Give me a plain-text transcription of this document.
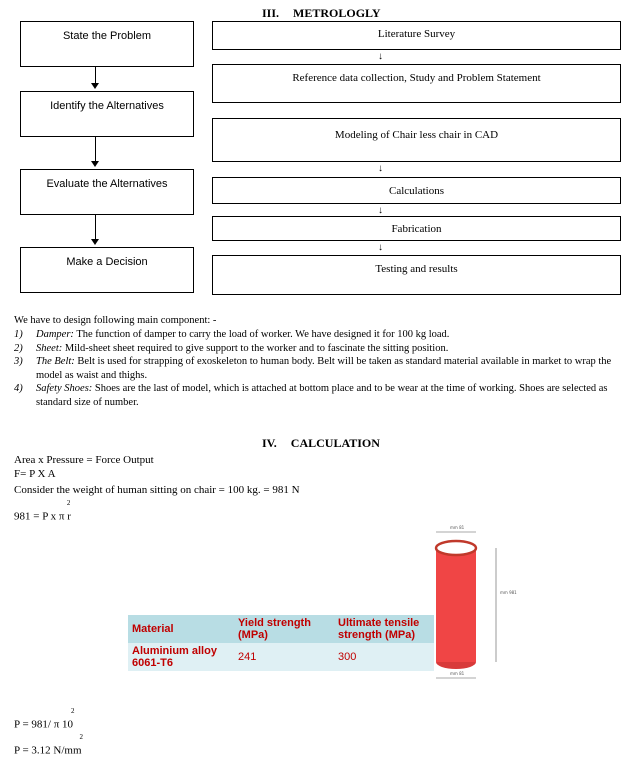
III. METROLOGLY
State the Problem
Identify the Alternatives
Evaluate the Alternatives
Make a Decision
Literature Survey
↓
Reference data collection, Study and Problem Statement
Modeling of Chair less chair in CAD
↓
Calculations
↓
Fabrication
↓
Testing and results
We have to design following main component: -
1)	Damper: The function of damper to carry the load of worker. We have designed it for 100 kg load.
2)	Sheet: Mild-sheet sheet required to give support to the worker and to fascinate the sitting position.
3)	The Belt: Belt is used for strapping of exoskeleton to human body. Belt will be taken as standard material available in market to wrap the model as waist and thighs.
4)	Safety Shoes: Shoes are the last of model, which is attached at bottom place and to be wear at the time of working. Shoes are selected as standard size of number.
IV. CALCULATION
Area x Pressure = Force Output
F= P X A
Consider the weight of human sitting on chair = 100 kg. = 981 N
981 = P x π $r^2$
Material	Yield strength (MPa)	Ultimate tensile strength (MPa)
Aluminium alloy 6061-T6	241	300
mm 81
mm 981
mm 81
P = 981/ π $10^2$
P = 3.12 $N/mm^2$
